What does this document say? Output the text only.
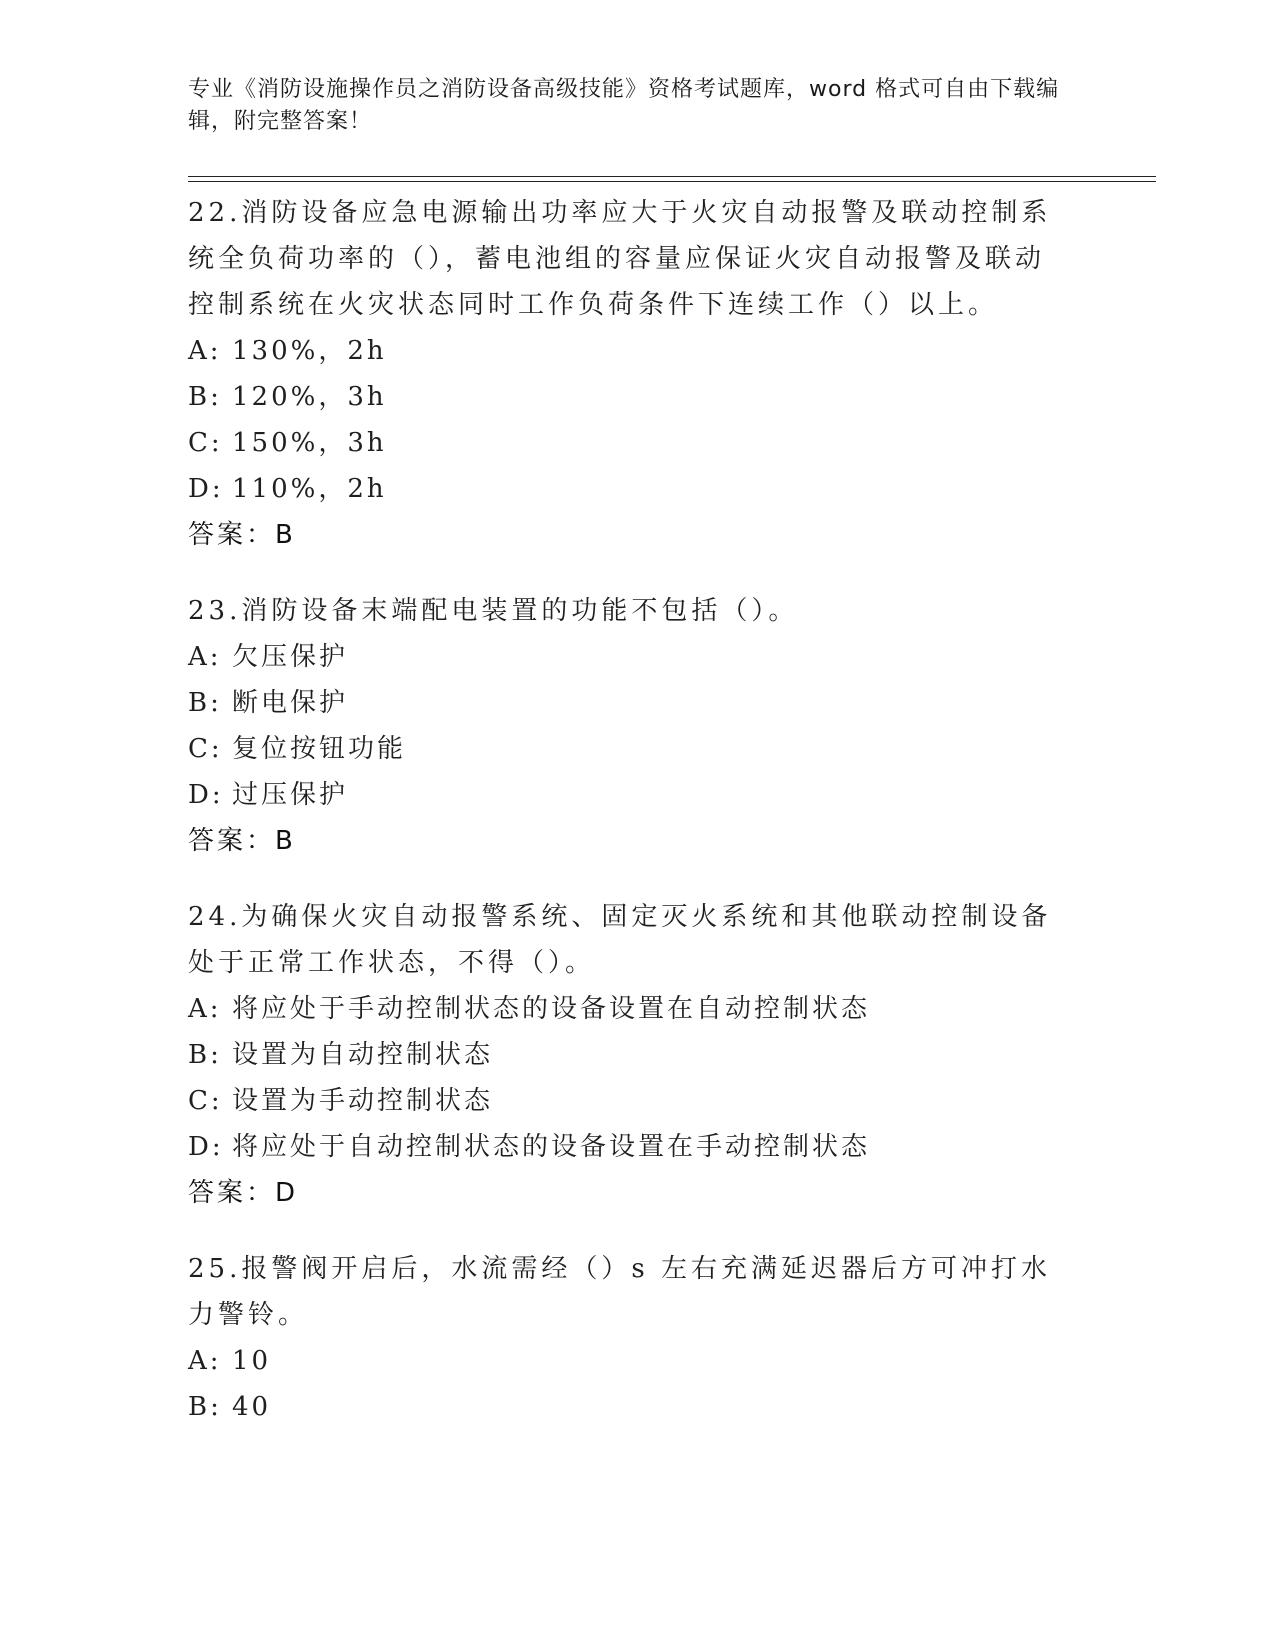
专业《消防设施操作员之消防设备高级技能》资格考试题库，word 格式可自由下载编辑，附完整答案！
22.消防设备应急电源输出功率应大于火灾自动报警及联动控制系统全负荷功率的（），蓄电池组的容量应保证火灾自动报警及联动控制系统在火灾状态同时工作负荷条件下连续工作（）以上。
A: 130%，2h
B: 120%，3h
C: 150%，3h
D: 110%，2h
答案：B
23.消防设备末端配电装置的功能不包括（）。
A: 欠压保护
B: 断电保护
C: 复位按钮功能
D: 过压保护
答案：B
24.为确保火灾自动报警系统、固定灭火系统和其他联动控制设备处于正常工作状态，不得（）。
A: 将应处于手动控制状态的设备设置在自动控制状态
B: 设置为自动控制状态
C: 设置为手动控制状态
D: 将应处于自动控制状态的设备设置在手动控制状态
答案：D
25.报警阀开启后，水流需经（）s 左右充满延迟器后方可冲打水力警铃。
A: 10
B: 40
